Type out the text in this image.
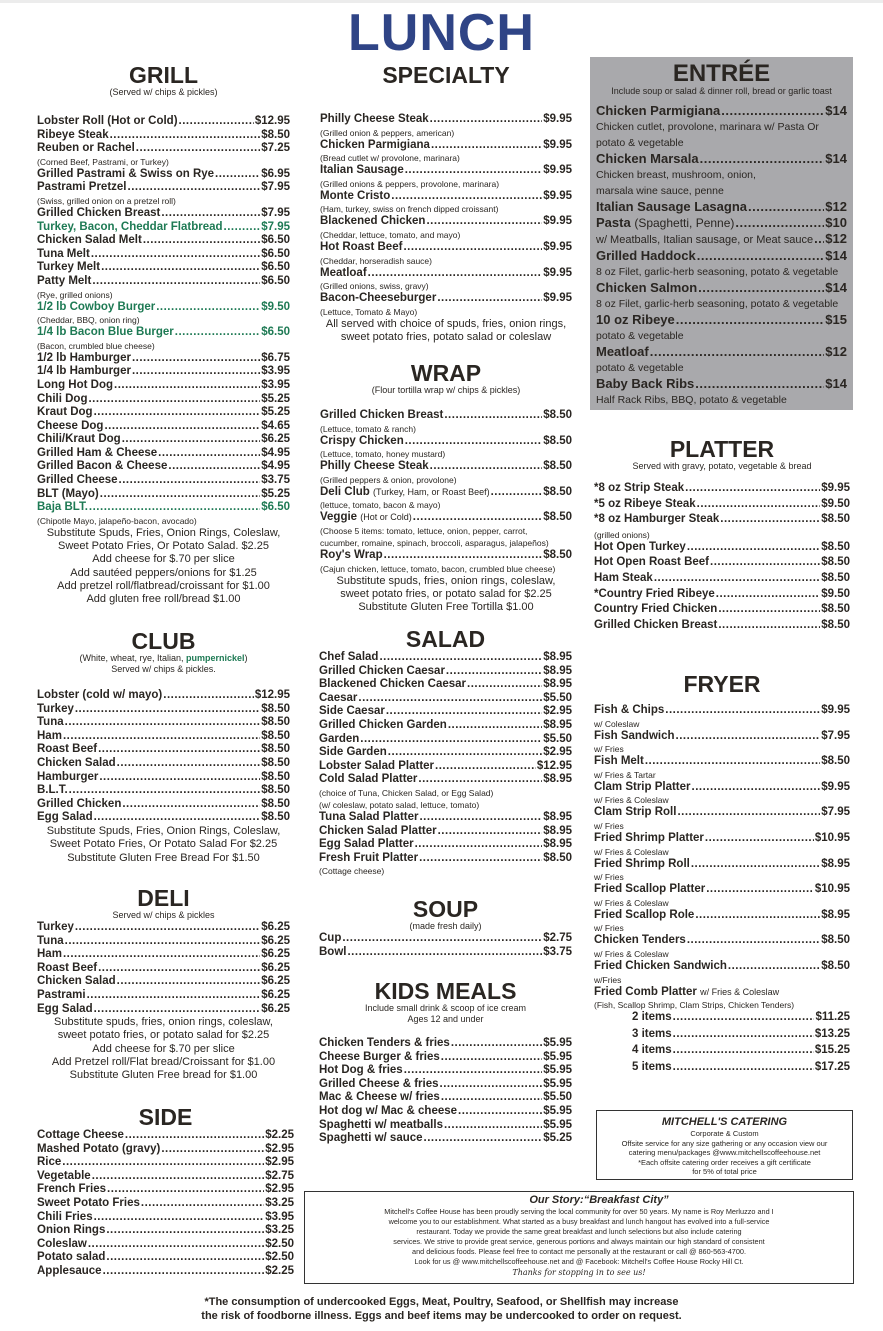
LUNCH
GRILL
(Served w/ chips & pickles)
Lobster Roll (Hot or Cold) .....	$12.95
Ribeye Steak .....	$8.50
Reuben or Rachel .....	$7.25
(Corned Beef, Pastrami, or Turkey)
Grilled Pastrami & Swiss on Rye .....	$6.95
Pastrami Pretzel .....	$7.95
(Swiss, grilled onion on a pretzel roll)
Grilled Chicken Breast .....	$7.95
Turkey, Bacon, Cheddar Flatbread .....	$7.95
Chicken Salad Melt .....	$6.50
Tuna Melt .....	$6.50
Turkey Melt .....	$6.50
Patty Melt .....	$6.50
(Rye, grilled onions)
1/2 lb Cowboy Burger .....	$9.50
(Cheddar, BBQ, onion ring)
1/4 lb Bacon Blue Burger .....	$6.50
(Bacon, crumbled blue cheese)
1/2 lb Hamburger .....	$6.75
1/4 lb Hamburger .....	$3.95
Long Hot Dog .....	$3.95
Chili Dog .....	$5.25
Kraut Dog .....	$5.25
Cheese Dog .....	$4.65
Chili/Kraut Dog .....	$6.25
Grilled Ham & Cheese .....	$4.95
Grilled Bacon & Cheese .....	$4.95
Grilled Cheese .....	$3.75
BLT (Mayo) .....	$5.25
Baja BLT. .....	$6.50
(Chipotle Mayo, jalapeño-bacon, avocado)
Substitute Spuds, Fries, Onion Rings, Coleslaw,
Sweet Potato Fries, Or Potato Salad. $2.25
Add cheese for $.70 per slice
Add sautéed peppers/onions for $1.25
Add pretzel roll/flatbread/croissant for $1.00
Add gluten free roll/bread $1.00
CLUB
(White, wheat, rye, Italian, pumpernickel)
Served w/ chips & pickles.
Lobster (cold w/ mayo) .....	$12.95
Turkey .....	$8.50
Tuna .....	$8.50
Ham .....	$8.50
Roast Beef .....	$8.50
Chicken Salad .....	$8.50
Hamburger .....	$8.50
B.L.T. .....	$8.50
Grilled Chicken .....	$8.50
Egg Salad .....	$8.50
Substitute Spuds, Fries, Onion Rings, Coleslaw,
Sweet Potato Fries, Or Potato Salad For $2.25
Substitute Gluten Free Bread For $1.50
DELI
Served w/ chips & pickles
Turkey .....	$6.25
Tuna .....	$6.25
Ham .....	$6.25
Roast Beef .....	$6.25
Chicken Salad .....	$6.25
Pastrami .....	$6.25
Egg Salad .....	$6.25
Substitute spuds, fries, onion rings, coleslaw,
sweet potato fries, or potato salad for $2.25
Add cheese for $.70 per slice
Add Pretzel roll/Flat bread/Croissant for $1.00
Substitute Gluten Free bread for $1.00
SIDE
Cottage Cheese .....	$2.25
Mashed Potato (gravy) .....	$2.95
Rice .....	$2.95
Vegetable .....	$2.75
French Fries .....	$2.95
Sweet Potato Fries .....	$3.25
Chili Fries .....	$3.95
Onion Rings .....	$3.25
Coleslaw .....	$2.50
Potato salad .....	$2.50
Applesauce .....	$2.25
SPECIALTY
Philly Cheese Steak .....	$9.95
(Grilled onion & peppers, american)
Chicken Parmigiana .....	$9.95
(Bread cutlet w/ provolone, marinara)
Italian Sausage .....	$9.95
(Grilled onions & peppers, provolone, marinara)
Monte Cristo .....	$9.95
(Ham, turkey, swiss on french dipped croissant)
Blackened Chicken .....	$9.95
(Cheddar, lettuce, tomato, and mayo)
Hot Roast Beef .....	$9.95
(Cheddar, horseradish sauce)
Meatloaf .....	$9.95
(Grilled onions, swiss, gravy)
Bacon-Cheeseburger .....	$9.95
(Lettuce, Tomato & Mayo)
All served with choice of spuds, fries, onion rings,
sweet potato fries, potato salad or coleslaw
WRAP
(Flour tortilla wrap w/ chips & pickles)
Grilled Chicken Breast .....	$8.50
(Lettuce, tomato & ranch)
Crispy Chicken .....	$8.50
(Lettuce, tomato, honey mustard)
Philly Cheese Steak .....	$8.50
(Grilled peppers & onion, provolone)
Deli Club (Turkey, Ham, or Roast Beef) .....	$8.50
(lettuce, tomato, bacon & mayo)
Veggie (Hot or Cold) .....	$8.50
(Choose 5 items: tomato, lettuce, onion, pepper, carrot,
cucumber, romaine, spinach, broccoli, asparagus, jalapeños)
Roy's Wrap .....	$8.50
(Cajun chicken, lettuce, tomato, bacon, crumbled blue cheese)
Substitute spuds, fries, onion rings, coleslaw,
sweet potato fries, or potato salad for $2.25
Substitute Gluten Free Tortilla $1.00
SALAD
Chef Salad .....	$8.95
Grilled Chicken Caesar .....	$8.95
Blackened Chicken Caesar .....	$8.95
Caesar .....	$5.50
Side Caesar .....	$2.95
Grilled Chicken Garden .....	$8.95
Garden .....	$5.50
Side Garden .....	$2.95
Lobster Salad Platter .....	$12.95
Cold Salad Platter .....	$8.95
(choice of Tuna, Chicken Salad, or Egg Salad)
(w/ coleslaw, potato salad, lettuce, tomato)
Tuna Salad Platter .....	$8.95
Chicken Salad Platter .....	$8.95
Egg Salad Platter .....	$8.95
Fresh Fruit Platter .....	$8.50
(Cottage cheese)
SOUP
(made fresh daily)
Cup .....	$2.75
Bowl .....	$3.75
KIDS MEALS
Include small drink & scoop of ice cream
Ages 12 and under
Chicken Tenders & fries .....	$5.95
Cheese Burger & fries .....	$5.95
Hot Dog & fries .....	$5.95
Grilled Cheese & fries .....	$5.95
Mac & Cheese w/ fries .....	$5.50
Hot dog w/ Mac & cheese .....	$5.95
Spaghetti w/ meatballs .....	$5.95
Spaghetti w/ sauce .....	$5.25
ENTRÉE
Include soup or salad & dinner roll, bread or garlic toast
Chicken Parmigiana .....	$14
Chicken cutlet, provolone, marinara w/ Pasta Or
potato & vegetable
Chicken Marsala .....	$14
Chicken breast, mushroom, onion,
marsala wine sauce, penne
Italian Sausage Lasagna .....	$12
Pasta (Spaghetti, Penne) .....	$10
w/ Meatballs, Italian sausage, or Meat sauce ..... $12
Grilled Haddock .....	$14
8 oz Filet, garlic-herb seasoning, potato & vegetable
Chicken Salmon .....	$14
8 oz Filet, garlic-herb seasoning, potato & vegetable
10 oz Ribeye .....	$15
potato & vegetable
Meatloaf .....	$12
potato & vegetable
Baby Back Ribs .....	$14
Half Rack Ribs, BBQ, potato & vegetable
PLATTER
Served with gravy, potato, vegetable & bread
*8 oz Strip Steak .....	$9.95
*5 oz Ribeye Steak .....	$9.50
*8 oz Hamburger Steak .....	$8.50
(grilled onions)
Hot Open Turkey .....	$8.50
Hot Open Roast Beef .....	$8.50
Ham Steak .....	$8.50
*Country Fried Ribeye .....	$9.50
Country Fried Chicken .....	$8.50
Grilled Chicken Breast .....	$8.50
FRYER
Fish & Chips .....	$9.95
w/ Coleslaw
Fish Sandwich .....	$7.95
w/ Fries
Fish Melt .....	$8.50
w/ Fries & Tartar
Clam Strip Platter .....	$9.95
w/ Fries & Coleslaw
Clam Strip Roll .....	$7.95
w/ Fries
Fried Shrimp Platter .....	$10.95
w/ Fries & Coleslaw
Fried Shrimp Roll .....	$8.95
w/ Fries
Fried Scallop Platter .....	$10.95
w/ Fries & Coleslaw
Fried Scallop Role .....	$8.95
w/ Fries
Chicken Tenders .....	$8.50
w/ Fries & Coleslaw
Fried Chicken Sandwich .....	$8.50
w/Fries
Fried Comb Platter w/ Fries & Coleslaw
(Fish, Scallop Shrimp, Clam Strips, Chicken Tenders)
2 items .....	$11.25
3 items .....	$13.25
4 items .....	$15.25
5 items .....	$17.25
MITCHELL'S CATERING
Corporate & Custom
Offsite service for any size gathering or any occasion view our
catering menu/packages @www.mitchellscoffeehouse.net
*Each offsite catering order receives a gift certificate
for 5% of total price
Our Story:“Breakfast City”
Mitchell's Coffee House has been proudly serving the local community for over 50 years. My name is Roy Merluzzo and I
welcome you to our establishment. What started as a busy breakfast and lunch hangout has evolved into a full-service
restaurant. Today we provide the same great breakfast and lunch selections but also include catering
services. We strive to provide great service, generous portions and always maintain our high standard of consistent
and delicious foods. Please feel free to contact me personally at the restaurant or call @ 860-563-4700.
Look for us @ www.mitchellscoffeehouse.net and @ Facebook: Mitchell's Coffee House Rocky Hill Ct.
Thanks for stopping in to see us!
*The consumption of undercooked Eggs, Meat, Poultry, Seafood, or Shellfish may increase
the risk of foodborne illness. Eggs and beef items may be undercooked to order on request.
